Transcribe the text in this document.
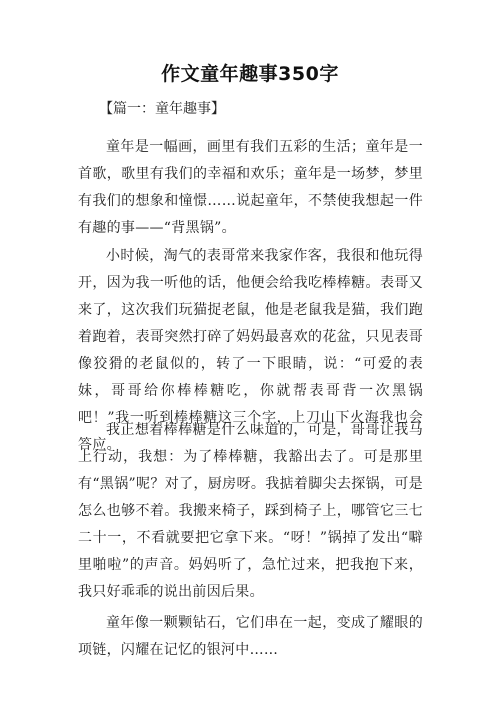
作文童年趣事350字
【篇一：童年趣事】

童年是一幅画，画里有我们五彩的生活；童年是一首歌，歌里有我们的幸福和欢乐；童年是一场梦，梦里有我们的想象和憧憬……说起童年，不禁使我想起一件有趣的事——“背黑锅”。

小时候，淘气的表哥常来我家作客，我很和他玩得开，因为我一听他的话，他便会给我吃棒棒糖。表哥又来了，这次我们玩猫捉老鼠，他是老鼠我是猫，我们跑着跑着，表哥突然打碎了妈妈最喜欢的花盆，只见表哥像狡猾的老鼠似的，转了一下眼睛，说：“可爱的表妹，哥哥给你棒棒糖吃，你就帮表哥背一次黑锅吧！”我一听到棒棒糖这三个字，上刀山下火海我也会答应。

我正想着棒棒糖是什么味道的，可是，哥哥让我马上行动，我想：为了棒棒糖，我豁出去了。可是那里有“黑锅”呢？对了，厨房呀。我掂着脚尖去探锅，可是怎么也够不着。我搬来椅子，踩到椅子上，哪管它三七二十一，不看就要把它拿下来。“呀！”锅掉了发出“噼里啪啦”的声音。妈妈听了，急忙过来，把我抱下来，我只好乖乖的说出前因后果。

童年像一颗颗钻石，它们串在一起，变成了耀眼的项链，闪耀在记忆的银河中……
